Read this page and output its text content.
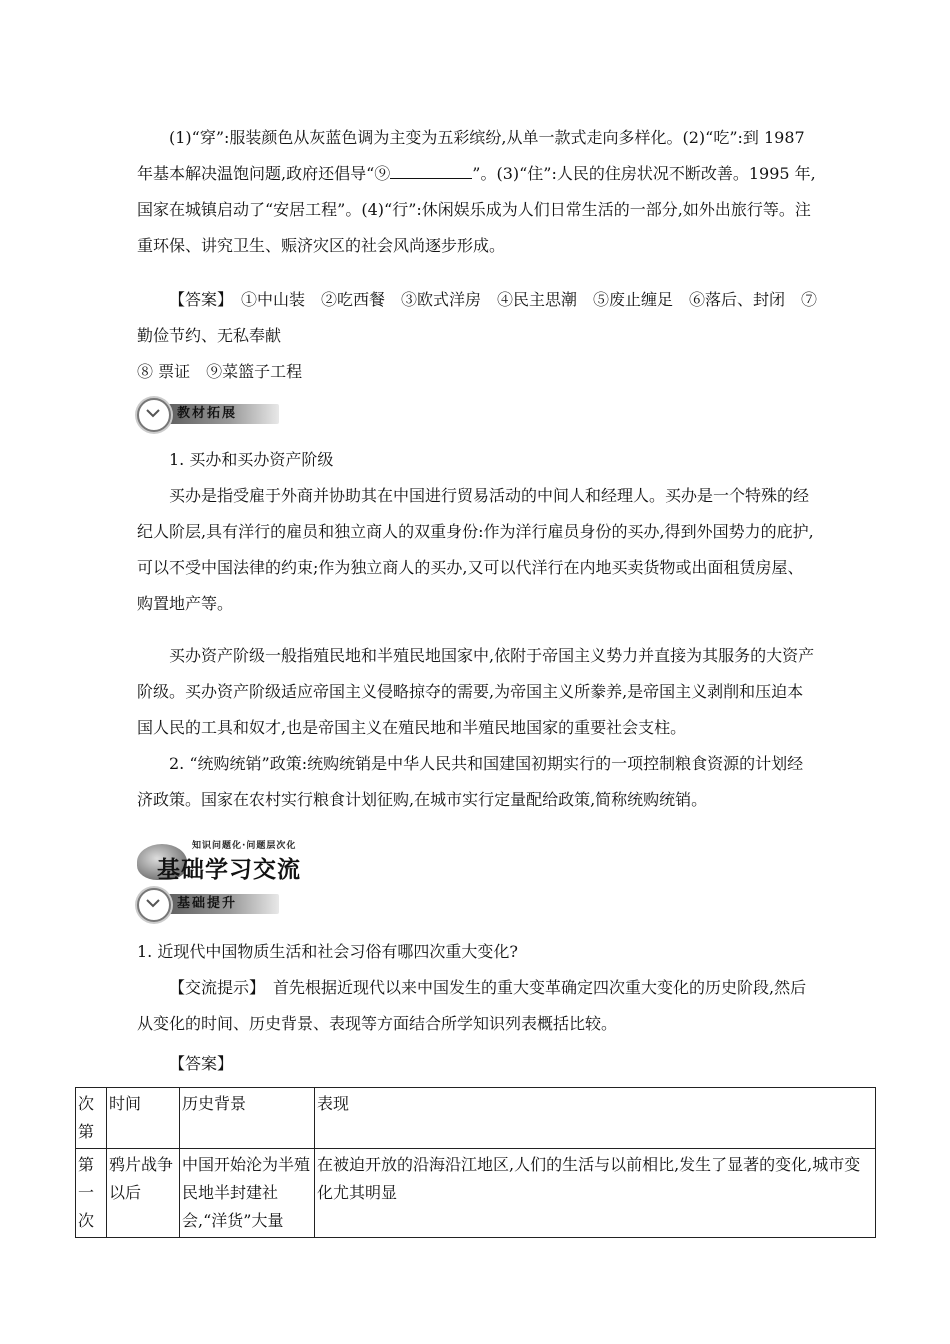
(1)“穿”:服装颜色从灰蓝色调为主变为五彩缤纷,从单一款式走向多样化。(2)“吃”:到 1987 年基本解决温饱问题,政府还倡导“⑨	”。(3)“住”:人民的住房状况不断改善。1995 年,国家在城镇启动了“安居工程”。(4)“行”:休闲娱乐成为人们日常生活的一部分,如外出旅行等。注重环保、讲究卫生、赈济灾区的社会风尚逐步形成。

【答案】　①中山装　②吃西餐　③欧式洋房　④民主思潮　⑤废止缠足　⑥落后、封闭　⑦勤俭节约、无私奉献

⑧ 票证　⑨菜篮子工程

教材拓展

1. 买办和买办资产阶级

买办是指受雇于外商并协助其在中国进行贸易活动的中间人和经理人。买办是一个特殊的经纪人阶层,具有洋行的雇员和独立商人的双重身份:作为洋行雇员身份的买办,得到外国势力的庇护,可以不受中国法律的约束;作为独立商人的买办,又可以代洋行在内地买卖货物或出面租赁房屋、购置地产等。

买办资产阶级一般指殖民地和半殖民地国家中,依附于帝国主义势力并直接为其服务的大资产阶级。买办资产阶级适应帝国主义侵略掠夺的需要,为帝国主义所豢养,是帝国主义剥削和压迫本国人民的工具和奴才,也是帝国主义在殖民地和半殖民地国家的重要社会支柱。

2. “统购统销”政策:统购统销是中华人民共和国建国初期实行的一项控制粮食资源的计划经济政策。国家在农村实行粮食计划征购,在城市实行定量配给政策,简称统购统销。

知识问题化·问题层次化
基础学习交流
基础提升

1. 近现代中国物质生活和社会习俗有哪四次重大变化?

【交流提示】　首先根据近现代以来中国发生的重大变革确定四次重大变化的历史阶段,然后从变化的时间、历史背景、表现等方面结合所学知识列表概括比较。

【答案】

次第	时间	历史背景	表现
第一次	鸦片战争以后	中国开始沦为半殖民地半封建社会,“洋货”大量	在被迫开放的沿海沿江地区,人们的生活与以前相比,发生了显著的变化,城市变化尤其明显
